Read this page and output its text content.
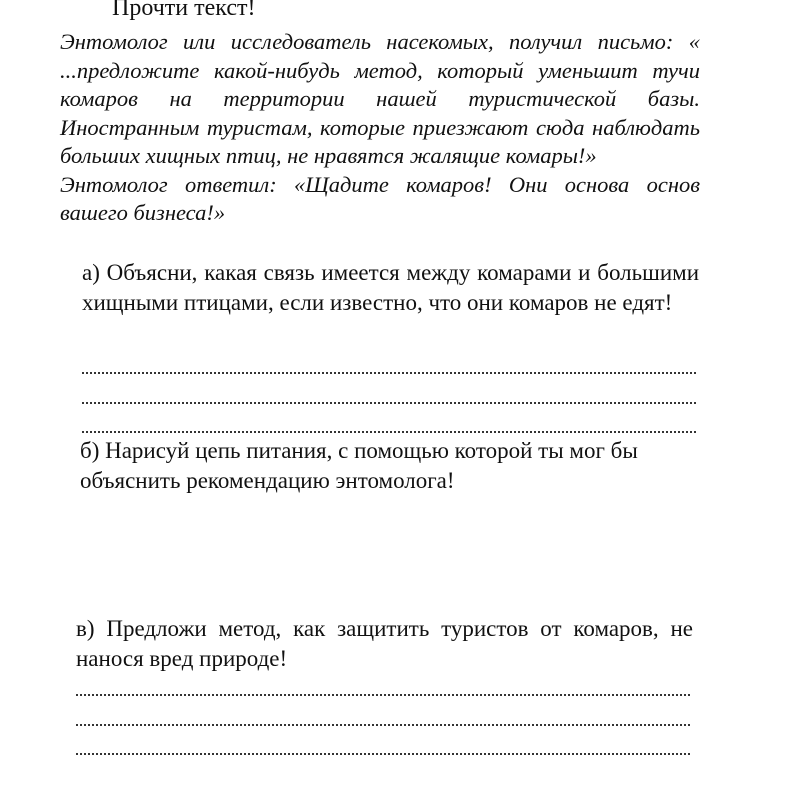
Прочти текст!

Энтомолог или исследователь насекомых, получил письмо: « ...предложите какой-нибудь метод, который уменьшит тучи комаров на территории нашей туристической базы. Иностранным туристам, которые приезжают сюда наблюдать больших хищных птиц, не нравятся жалящие комары!»

Энтомолог ответил: «Щадите комаров! Они основа основ вашего бизнеса!»

а) Объясни, какая связь имеется между комарами и большими хищными птицами, если известно, что они комаров не едят!
б) Нарисуй цепь питания, с помощью которой ты мог бы объяснить рекомендацию энтомолога!
в) Предложи метод, как защитить туристов от комаров, не нанося вред природе!
